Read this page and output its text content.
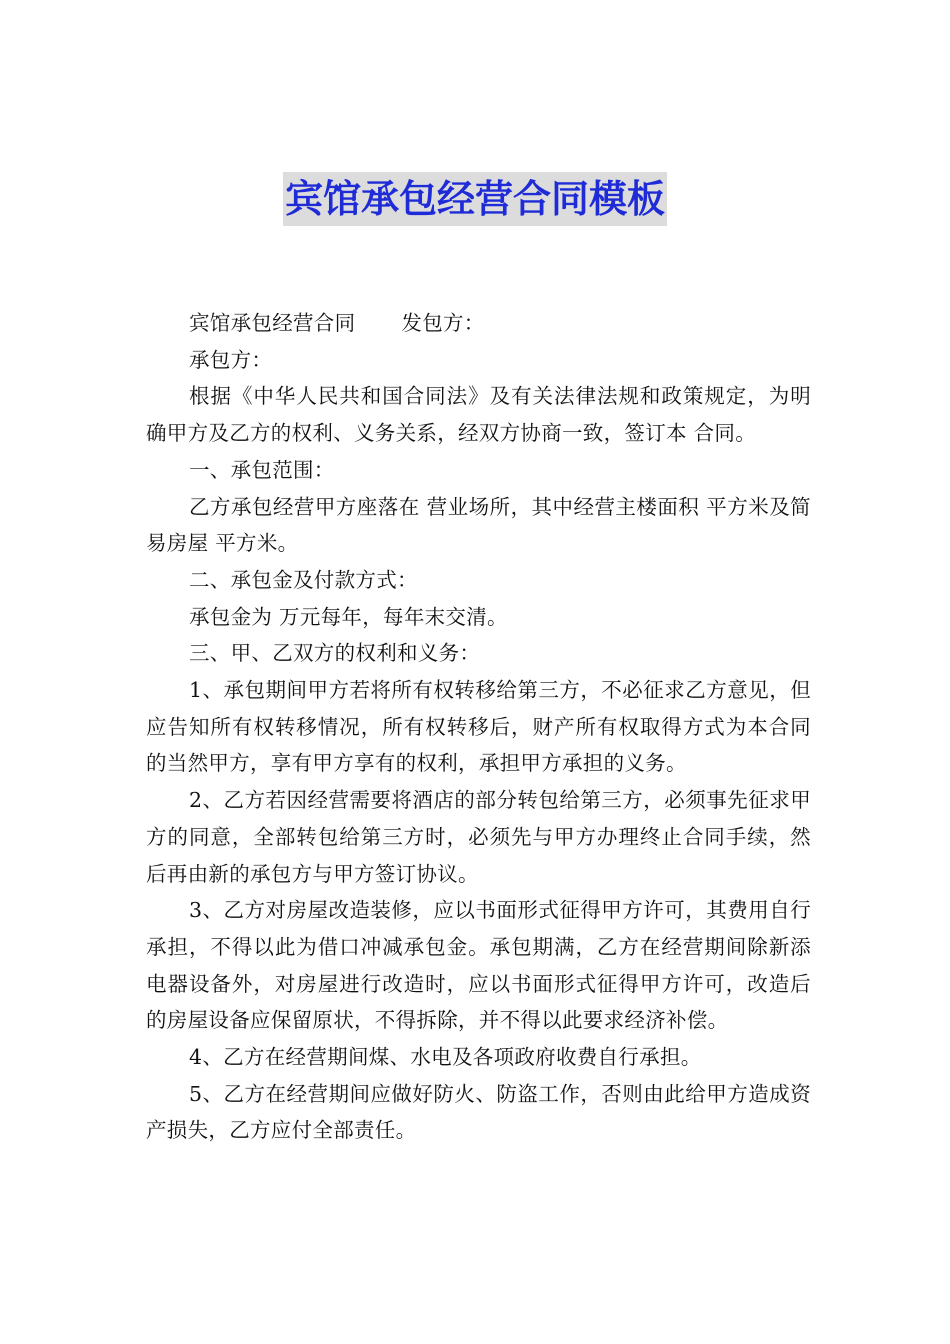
宾馆承包经营合同模板

宾馆承包经营合同 发包方：

承包方：

根据《中华人民共和国合同法》及有关法律法规和政策规定，为明确甲方及乙方的权利、义务关系，经双方协商一致，签订本 合同。

一、承包范围：

乙方承包经营甲方座落在 营业场所，其中经营主楼面积 平方米及简易房屋 平方米。

二、承包金及付款方式：

承包金为 万元每年，每年末交清。

三、甲、乙双方的权利和义务：

1、承包期间甲方若将所有权转移给第三方，不必征求乙方意见，但应告知所有权转移情况，所有权转移后，财产所有权取得方式为本合同的当然甲方，享有甲方享有的权利，承担甲方承担的义务。

2、乙方若因经营需要将酒店的部分转包给第三方，必须事先征求甲方的同意，全部转包给第三方时，必须先与甲方办理终止合同手续，然后再由新的承包方与甲方签订协议。

3、乙方对房屋改造装修，应以书面形式征得甲方许可，其费用自行承担，不得以此为借口冲减承包金。承包期满，乙方在经营期间除新添电器设备外，对房屋进行改造时，应以书面形式征得甲方许可，改造后的房屋设备应保留原状，不得拆除，并不得以此要求经济补偿。

4、乙方在经营期间煤、水电及各项政府收费自行承担。

5、乙方在经营期间应做好防火、防盗工作，否则由此给甲方造成资产损失，乙方应付全部责任。
